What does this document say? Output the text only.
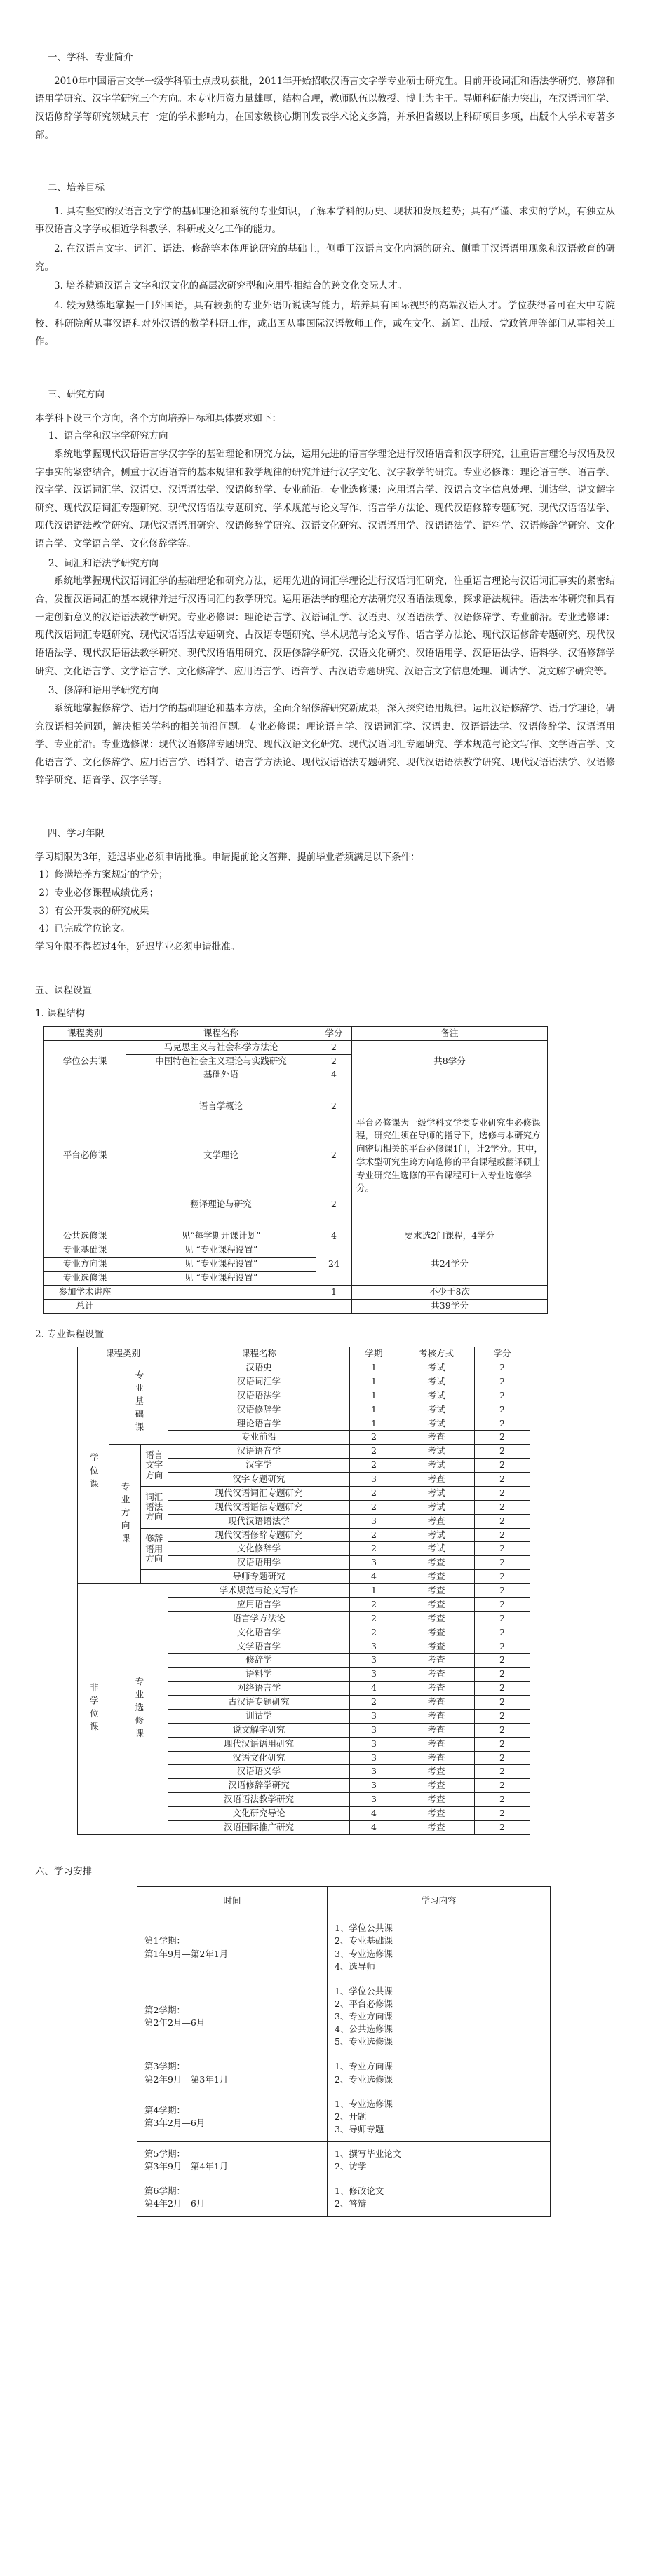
一、学科、专业简介
2010年中国语言文学一级学科硕士点成功获批，2011年开始招收汉语言文字学专业硕士研究生。目前开设词汇和语法学研究、修辞和语用学研究、汉字学研究三个方向。本专业师资力量雄厚，结构合理，教师队伍以教授、博士为主干。导师科研能力突出，在汉语词汇学、汉语修辞学等研究领域具有一定的学术影响力，在国家级核心期刊发表学术论文多篇，并承担省级以上科研项目多项，出版个人学术专著多部。
二、培养目标
1. 具有坚实的汉语言文字学的基础理论和系统的专业知识，了解本学科的历史、现状和发展趋势；具有严谨、求实的学风，有独立从事汉语言文字学或相近学科教学、科研或文化工作的能力。
2. 在汉语言文字、词汇、语法、修辞等本体理论研究的基础上，侧重于汉语言文化内涵的研究、侧重于汉语语用现象和汉语教育的研究。
3. 培养精通汉语言文字和汉文化的高层次研究型和应用型相结合的跨文化交际人才。
4. 较为熟练地掌握一门外国语，具有较强的专业外语听说读写能力，培养具有国际视野的高端汉语人才。学位获得者可在大中专院校、科研院所从事汉语和对外汉语的教学科研工作，或出国从事国际汉语教师工作，或在文化、新闻、出版、党政管理等部门从事相关工作。
三、研究方向
本学科下设三个方向，各个方向培养目标和具体要求如下：
1、语言学和汉字学研究方向
系统地掌握现代汉语语言学汉字学的基础理论和研究方法，运用先进的语言学理论进行汉语语音和汉字研究，注重语言理论与汉语及汉字事实的紧密结合，侧重于汉语语音的基本规律和教学规律的研究并进行汉字文化、汉字教学的研究。专业必修课：理论语言学、语言学、汉字学、汉语词汇学、汉语史、汉语语法学、汉语修辞学、专业前沿。专业选修课：应用语言学、汉语言文字信息处理、训诂学、说文解字研究、现代汉语词汇专题研究、现代汉语语法专题研究、学术规范与论文写作、语言学方法论、现代汉语修辞专题研究、现代汉语语法学、现代汉语语法教学研究、现代汉语语用研究、汉语修辞学研究、汉语文化研究、汉语语用学、汉语语法学、语料学、汉语修辞学研究、文化语言学、文学语言学、文化修辞学等。
2、词汇和语法学研究方向
系统地掌握现代汉语词汇学的基础理论和研究方法，运用先进的词汇学理论进行汉语词汇研究，注重语言理论与汉语词汇事实的紧密结合，发掘汉语词汇的基本规律并进行汉语词汇的教学研究。运用语法学的理论方法研究汉语语法现象，探求语法规律。语法本体研究和具有一定创新意义的汉语语法教学研究。专业必修课：理论语言学、汉语词汇学、汉语史、汉语语法学、汉语修辞学、专业前沿。专业选修课：现代汉语词汇专题研究、现代汉语语法专题研究、古汉语专题研究、学术规范与论文写作、语言学方法论、现代汉语修辞专题研究、现代汉语语法学、现代汉语语法教学研究、现代汉语语用研究、汉语修辞学研究、汉语文化研究、汉语语用学、汉语语法学、语料学、汉语修辞学研究、文化语言学、文学语言学、文化修辞学、应用语言学、语音学、古汉语专题研究、汉语言文字信息处理、训诂学、说文解字研究等。
3、修辞和语用学研究方向
系统地掌握修辞学、语用学的基础理论和基本方法，全面介绍修辞研究新成果，深入探究语用规律。运用汉语修辞学、语用学理论，研究汉语相关问题，解决相关学科的相关前沿问题。专业必修课：理论语言学、汉语词汇学、汉语史、汉语语法学、汉语修辞学、汉语语用学、专业前沿。专业选修课：现代汉语修辞专题研究、现代汉语文化研究、现代汉语词汇专题研究、学术规范与论文写作、文学语言学、文化语言学、文化修辞学、应用语言学、语料学、语言学方法论、现代汉语语法专题研究、现代汉语语法教学研究、现代汉语语法学、汉语修辞学研究、语音学、汉字学等。
四、学习年限
学习期限为3年，延迟毕业必须申请批准。申请提前论文答辩、提前毕业者须满足以下条件：
1）修满培养方案规定的学分；
2）专业必修课程成绩优秀；
3）有公开发表的研究成果
4）已完成学位论文。
学习年限不得超过4年，延迟毕业必须申请批准。
五、课程设置
1. 课程结构
课程类别	课程名称	学分	备注
学位公共课	马克思主义与社会科学方法论	2	共8学分
	中国特色社会主义理论与实践研究	2	
	基础外语	4	
平台必修课	语言学概论	2	平台必修课为一级学科文学类专业研究生必修课程，研究生须在导师的指导下，选修与本研究方向密切相关的平台必修课1门，计2学分。其中，学术型研究生跨方向选修的平台课程或翻译硕士专业研究生选修的平台课程可计入专业选修学分。
	文学理论	2	
	翻译理论与研究	2	
公共选修课	见“每学期开课计划”	4	要求选2门课程，4学分
专业基础课	见 “专业课程设置”	24	共24学分
专业方向课	见 “专业课程设置”		
专业选修课	见 “专业课程设置”		
参加学术讲座		1	不少于8次
总计			共39学分
2. 专业课程设置
课程类别			课程名称	学期	考核方式	学分
学位课	专业基础课		汉语史	1	考试	2
			汉语词汇学	1	考试	2
			汉语语法学	1	考试	2
			汉语修辞学	1	考试	2
			理论语言学	1	考试	2
			专业前沿	2	考查	2
	专业方向课	语言文字方向	汉语语音学	2	考试	2
			汉字学	2	考试	2
			汉字专题研究	3	考查	2
		词汇语法方向	现代汉语词汇专题研究	2	考试	2
			现代汉语语法专题研究	2	考试	2
			现代汉语语法学	3	考查	2
		修辞语用方向	现代汉语修辞专题研究	2	考试	2
			文化修辞学	2	考试	2
			汉语语用学	3	考查	2
			导师专题研究	4	考查	2
非学位课	专业选修课		学术规范与论文写作	1	考查	2
			应用语言学	2	考查	2
			语言学方法论	2	考查	2
			文化语言学	2	考查	2
			文学语言学	3	考查	2
			修辞学	3	考查	2
			语料学	3	考查	2
			网络语言学	4	考查	2
			古汉语专题研究	2	考查	2
			训诂学	3	考查	2
			说文解字研究	3	考查	2
			现代汉语语用研究	3	考查	2
			汉语文化研究	3	考查	2
			汉语语义学	3	考查	2
			汉语修辞学研究	3	考查	2
			汉语语法教学研究	3	考查	2
			文化研究导论	4	考查	2
			汉语国际推广研究	4	考查	2
六、学习安排
时间	学习内容
第1学期：
第1年9月—第2年1月	1、学位公共课
2、专业基础课
3、专业选修课
4、选导师
第2学期：
第2年2月—6月	1、学位公共课
2、平台必修课
3、专业方向课
4、公共选修课
5、专业选修课
第3学期：
第2年9月—第3年1月	1、专业方向课
2、专业选修课
第4学期：
第3年2月—6月	1、专业选修课
2、开题
3、导师专题
第5学期：
第3年9月—第4年1月	1、撰写毕业论文
2、访学
第6学期：
第4年2月—6月	1、修改论文
2、答辩
